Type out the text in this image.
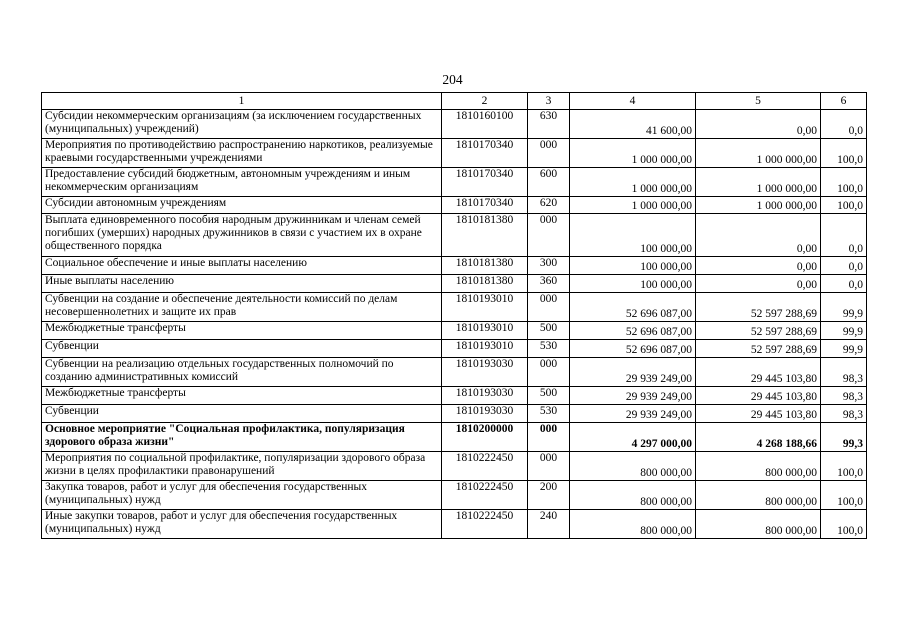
204
1	2	3	4	5	6
Субсидии некоммерческим организациям (за исключением государственных (муниципальных) учреждений)	1810160100	630	41 600,00	0,00	0,0
Мероприятия по противодействию распространению наркотиков, реализуемые краевыми государственными учреждениями	1810170340	000	1 000 000,00	1 000 000,00	100,0
Предоставление субсидий бюджетным, автономным учреждениям и иным некоммерческим организациям	1810170340	600	1 000 000,00	1 000 000,00	100,0
Субсидии автономным учреждениям	1810170340	620	1 000 000,00	1 000 000,00	100,0
Выплата единовременного пособия народным дружинникам и членам семей погибших (умерших) народных дружинников в связи с участием их в охране общественного порядка	1810181380	000	100 000,00	0,00	0,0
Социальное обеспечение и иные выплаты населению	1810181380	300	100 000,00	0,00	0,0
Иные выплаты населению	1810181380	360	100 000,00	0,00	0,0
Субвенции на создание и обеспечение деятельности комиссий по делам несовершеннолетних и защите их прав	1810193010	000	52 696 087,00	52 597 288,69	99,9
Межбюджетные трансферты	1810193010	500	52 696 087,00	52 597 288,69	99,9
Субвенции	1810193010	530	52 696 087,00	52 597 288,69	99,9
Субвенции на реализацию отдельных государственных полномочий по созданию административных комиссий	1810193030	000	29 939 249,00	29 445 103,80	98,3
Межбюджетные трансферты	1810193030	500	29 939 249,00	29 445 103,80	98,3
Субвенции	1810193030	530	29 939 249,00	29 445 103,80	98,3
Основное мероприятие "Социальная профилактика, популяризация здорового образа жизни"	1810200000	000	4 297 000,00	4 268 188,66	99,3
Мероприятия по социальной профилактике, популяризации здорового образа жизни в целях профилактики правонарушений	1810222450	000	800 000,00	800 000,00	100,0
Закупка товаров, работ и услуг для обеспечения государственных (муниципальных) нужд	1810222450	200	800 000,00	800 000,00	100,0
Иные закупки товаров, работ и услуг для обеспечения государственных (муниципальных) нужд	1810222450	240	800 000,00	800 000,00	100,0
